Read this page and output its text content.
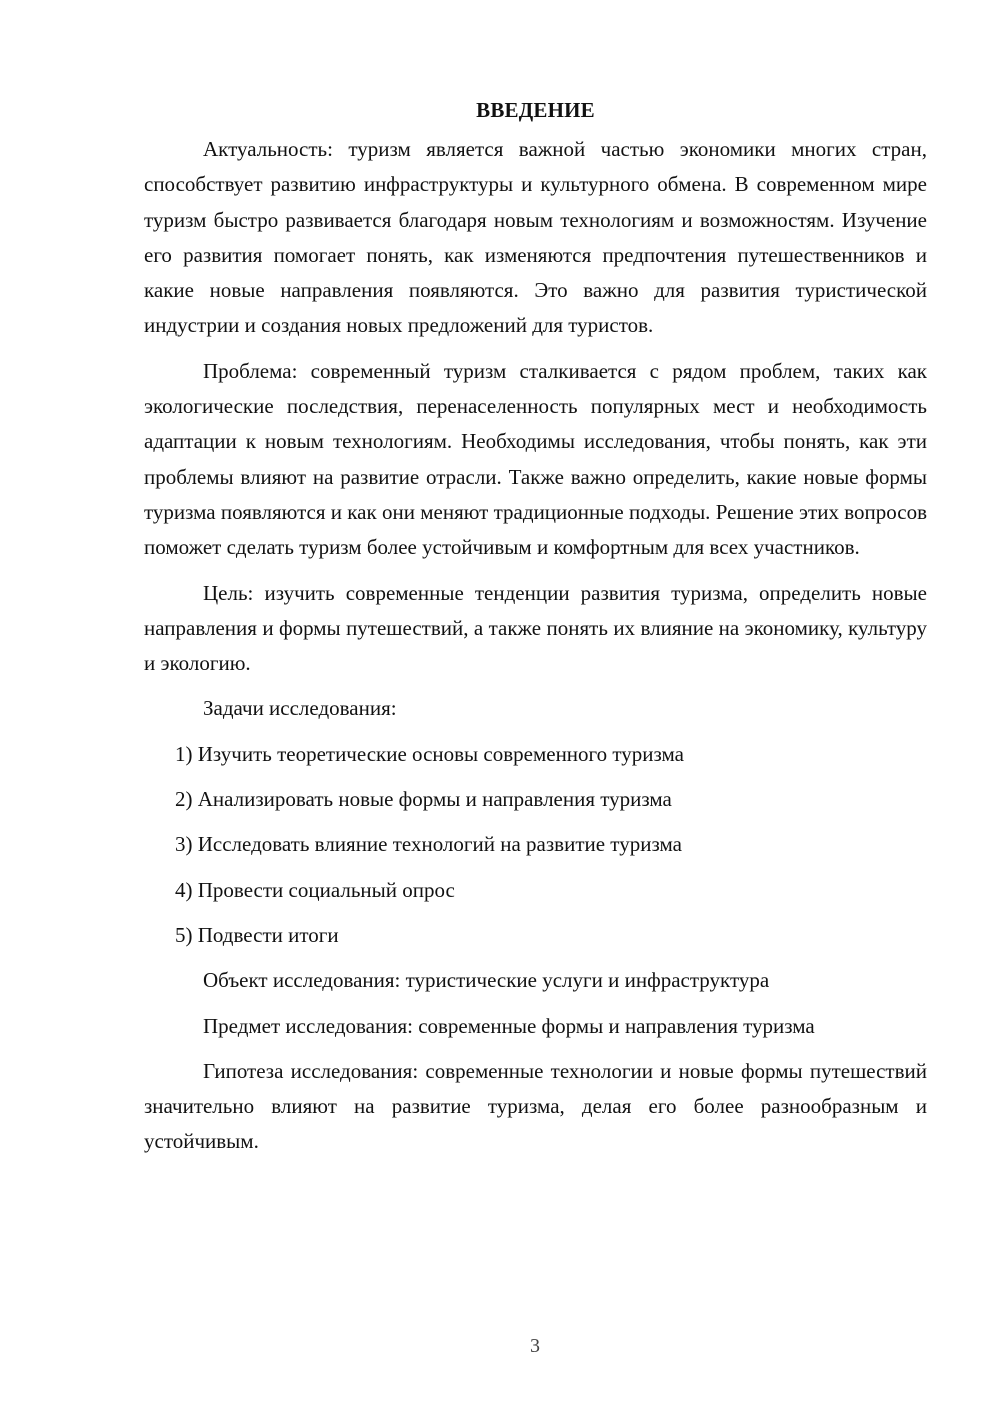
ВВЕДЕНИЕ

Актуальность: туризм является важной частью экономики многих стран, способствует развитию инфраструктуры и культурного обмена. В современном мире туризм быстро развивается благодаря новым технологиям и возможностям. Изучение его развития помогает понять, как изменяются предпочтения путешественников и какие новые направления появляются. Это важно для развития туристической индустрии и создания новых предложений для туристов.

Проблема: современный туризм сталкивается с рядом проблем, таких как экологические последствия, перенаселенность популярных мест и необходимость адаптации к новым технологиям. Необходимы исследования, чтобы понять, как эти проблемы влияют на развитие отрасли. Также важно определить, какие новые формы туризма появляются и как они меняют традиционные подходы. Решение этих вопросов поможет сделать туризм более устойчивым и комфортным для всех участников.

Цель: изучить современные тенденции развития туризма, определить новые направления и формы путешествий, а также понять их влияние на экономику, культуру и экологию.

Задачи исследования:

1) Изучить теоретические основы современного туризма

2) Анализировать новые формы и направления туризма

3) Исследовать влияние технологий на развитие туризма

4) Провести социальный опрос

5) Подвести итоги

Объект исследования: туристические услуги и инфраструктура

Предмет исследования: современные формы и направления туризма

Гипотеза исследования: современные технологии и новые формы путешествий значительно влияют на развитие туризма, делая его более разнообразным и устойчивым.

3
